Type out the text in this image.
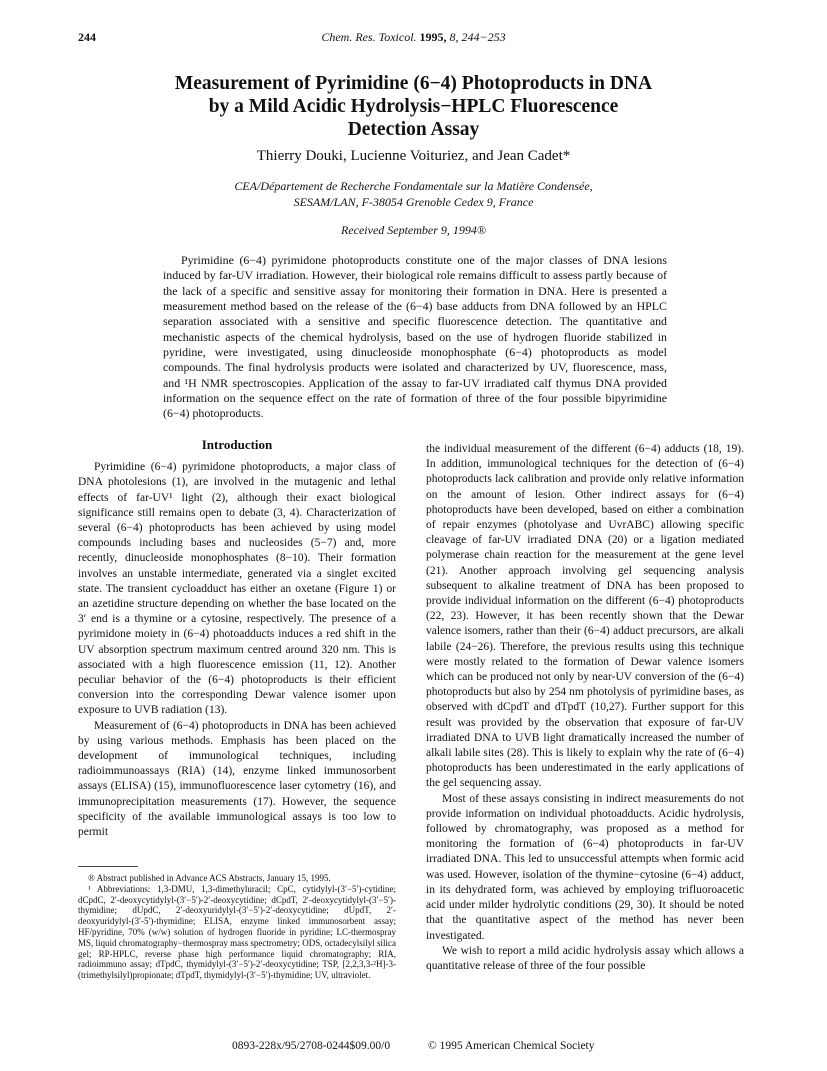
244	Chem. Res. Toxicol. 1995, 8, 244−253
Measurement of Pyrimidine (6−4) Photoproducts in DNA
by a Mild Acidic Hydrolysis−HPLC Fluorescence
Detection Assay
Thierry Douki, Lucienne Voituriez, and Jean Cadet*
CEA/Département de Recherche Fondamentale sur la Matière Condensée,
SESAM/LAN, F-38054 Grenoble Cedex 9, France
Received September 9, 1994®

Pyrimidine (6−4) pyrimidone photoproducts constitute one of the major classes of DNA lesions induced by far-UV irradiation. However, their biological role remains difficult to assess partly because of the lack of a specific and sensitive assay for monitoring their formation in DNA. Here is presented a measurement method based on the release of the (6−4) base adducts from DNA followed by an HPLC separation associated with a sensitive and specific fluorescence detection. The quantitative and mechanistic aspects of the chemical hydrolysis, based on the use of hydrogen fluoride stabilized in pyridine, were investigated, using dinucleoside monophosphate (6−4) photoproducts as model compounds. The final hydrolysis products were isolated and characterized by UV, fluorescence, mass, and ¹H NMR spectroscopies. Application of the assay to far-UV irradiated calf thymus DNA provided information on the sequence effect on the rate of formation of three of the four possible bipyrimidine (6−4) photoproducts.

Introduction

Pyrimidine (6−4) pyrimidone photoproducts, a major class of DNA photolesions (1), are involved in the mutagenic and lethal effects of far-UV¹ light (2), although their exact biological significance still remains open to debate (3, 4). Characterization of several (6−4) photoproducts has been achieved by using model compounds including bases and nucleosides (5−7) and, more recently, dinucleoside monophosphates (8−10). Their formation involves an unstable intermediate, generated via a singlet excited state. The transient cycloadduct has either an oxetane (Figure 1) or an azetidine structure depending on whether the base located on the 3′ end is a thymine or a cytosine, respectively. The presence of a pyrimidone moiety in (6−4) photoadducts induces a red shift in the UV absorption spectrum maximum centred around 320 nm. This is associated with a high fluorescence emission (11, 12). Another peculiar behavior of the (6−4) photoproducts is their efficient conversion into the corresponding Dewar valence isomer upon exposure to UVB radiation (13).

Measurement of (6−4) photoproducts in DNA has been achieved by using various methods. Emphasis has been placed on the development of immunological techniques, including radioimmunoassays (RIA) (14), enzyme linked immunosorbent assays (ELISA) (15), immunofluorescence laser cytometry (16), and immunoprecipitation measurements (17). However, the sequence specificity of the available immunological assays is too low to permit

the individual measurement of the different (6−4) adducts (18, 19). In addition, immunological techniques for the detection of (6−4) photoproducts lack calibration and provide only relative information on the amount of lesion. Other indirect assays for (6−4) photoproducts have been developed, based on either a combination of repair enzymes (photolyase and UvrABC) allowing specific cleavage of far-UV irradiated DNA (20) or a ligation mediated polymerase chain reaction for the measurement at the gene level (21). Another approach involving gel sequencing analysis subsequent to alkaline treatment of DNA has been proposed to provide individual information on the different (6−4) photoproducts (22, 23). However, it has been recently shown that the Dewar valence isomers, rather than their (6−4) adduct precursors, are alkali labile (24−26). Therefore, the previous results using this technique were mostly related to the formation of Dewar valence isomers which can be produced not only by near-UV conversion of the (6−4) photoproducts but also by 254 nm photolysis of pyrimidine bases, as observed with dCpdT and dTpdT (10,27). Further support for this result was provided by the observation that exposure of far-UV irradiated DNA to UVB light dramatically increased the number of alkali labile sites (28). This is likely to explain why the rate of (6−4) photoproducts has been underestimated in the early applications of the gel sequencing assay.

Most of these assays consisting in indirect measurements do not provide information on individual photoadducts. Acidic hydrolysis, followed by chromatography, was proposed as a method for monitoring the formation of (6−4) photoproducts in far-UV irradiated DNA. This led to unsuccessful attempts when formic acid was used. However, isolation of the thymine−cytosine (6−4) adduct, in its dehydrated form, was achieved by employing trifluoroacetic acid under milder hydrolytic conditions (29, 30). It should be noted that the quantitative aspect of the method has never been investigated.

We wish to report a mild acidic hydrolysis assay which allows a quantitative release of three of the four possible

® Abstract published in Advance ACS Abstracts, January 15, 1995.

¹ Abbreviations: 1,3-DMU, 1,3-dimethyluracil; CpC, cytidylyl-(3′−5′)-cytidine; dCpdC, 2′-deoxycytidylyl-(3′−5′)-2′-deoxycytidine; dCpdT, 2′-deoxycytidylyl-(3′−5′)-thymidine; dUpdC, 2′-deoxyuridylyl-(3′−5′)-2′-deoxycytidine; dUpdT, 2′-deoxyuridylyl-(3′-5′)-thymidine; ELISA, enzyme linked immunosorbent assay; HF/pyridine, 70% (w/w) solution of hydrogen fluoride in pyridine; LC-thermospray MS, liquid chromatography−thermospray mass spectrometry; ODS, octadecylsilyl silica gel; RP-HPLC, reverse phase high performance liquid chromatography; RIA, radioimmuno assay; dTpdC, thymidylyl-(3′−5′)-2′-deoxycytidine; TSP, [2,2,3,3-²H]-3-(trimethylsilyl)propionate; dTpdT, thymidylyl-(3′−5′)-thymidine; UV, ultraviolet.

0893-228x/95/2708-0244$09.00/0	© 1995 American Chemical Society
